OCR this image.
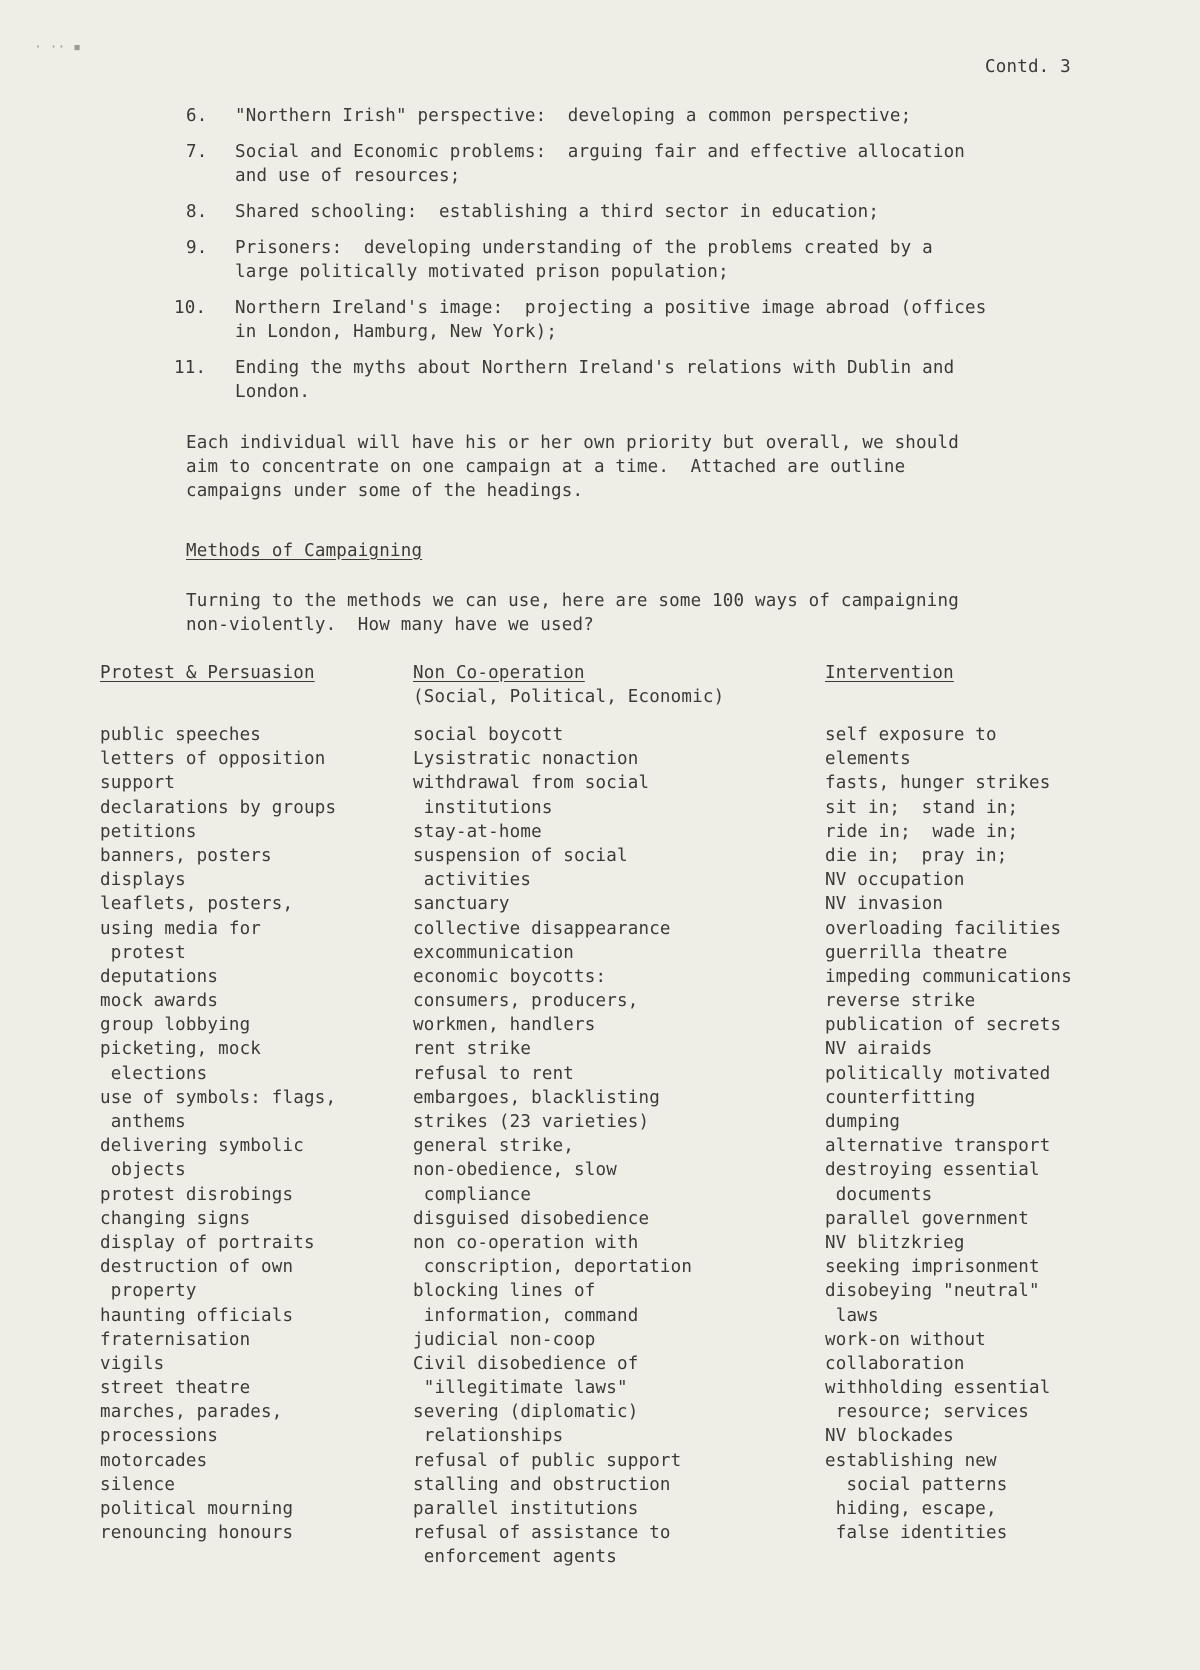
· ·· ▪
Contd. 3
6. "Northern Irish" perspective:  developing a common perspective;
7. Social and Economic problems:  arguing fair and effective allocation
and use of resources;
8. Shared schooling:  establishing a third sector in education;
9. Prisoners:  developing understanding of the problems created by a
large politically motivated prison population;
10. Northern Ireland's image:  projecting a positive image abroad (offices
in London, Hamburg, New York);
11. Ending the myths about Northern Ireland's relations with Dublin and
London.
Each individual will have his or her own priority but overall, we should
aim to concentrate on one campaign at a time.  Attached are outline
campaigns under some of the headings.
Methods of Campaigning
Turning to the methods we can use, here are some 100 ways of campaigning
non-violently.  How many have we used?
Protest & Persuasion	Non Co-operation
(Social, Political, Economic)
Intervention
public speeches
letters of opposition
support
declarations by groups
petitions
banners, posters
displays
leaflets, posters,
using media for
protest
deputations
mock awards
group lobbying
picketing, mock
elections
use of symbols: flags,
anthems
delivering symbolic
objects
protest disrobings
changing signs
display of portraits
destruction of own
property
haunting officials
fraternisation
vigils
street theatre
marches, parades,
processions
motorcades
silence
political mourning
renouncing honours
social boycott
Lysistratic nonaction
withdrawal from social
institutions
stay-at-home
suspension of social
activities
sanctuary
collective disappearance
excommunication
economic boycotts:
consumers, producers,
workmen, handlers
rent strike
refusal to rent
embargoes, blacklisting
strikes (23 varieties)
general strike,
non-obedience, slow
compliance
disguised disobedience
non co-operation with
conscription, deportation
blocking lines of
information, command
judicial non-coop
Civil disobedience of
"illegitimate laws"
severing (diplomatic)
relationships
refusal of public support
stalling and obstruction
parallel institutions
refusal of assistance to
enforcement agents
self exposure to
elements
fasts, hunger strikes
sit in;  stand in;
ride in;  wade in;
die in;  pray in;
NV occupation
NV invasion
overloading facilities
guerrilla theatre
impeding communications
reverse strike
publication of secrets
NV airaids
politically motivated
counterfitting
dumping
alternative transport
destroying essential
documents
parallel government
NV blitzkrieg
seeking imprisonment
disobeying "neutral"
laws
work-on without
collaboration
withholding essential
resource; services
NV blockades
establishing new
social patterns
hiding, escape,
false identities
